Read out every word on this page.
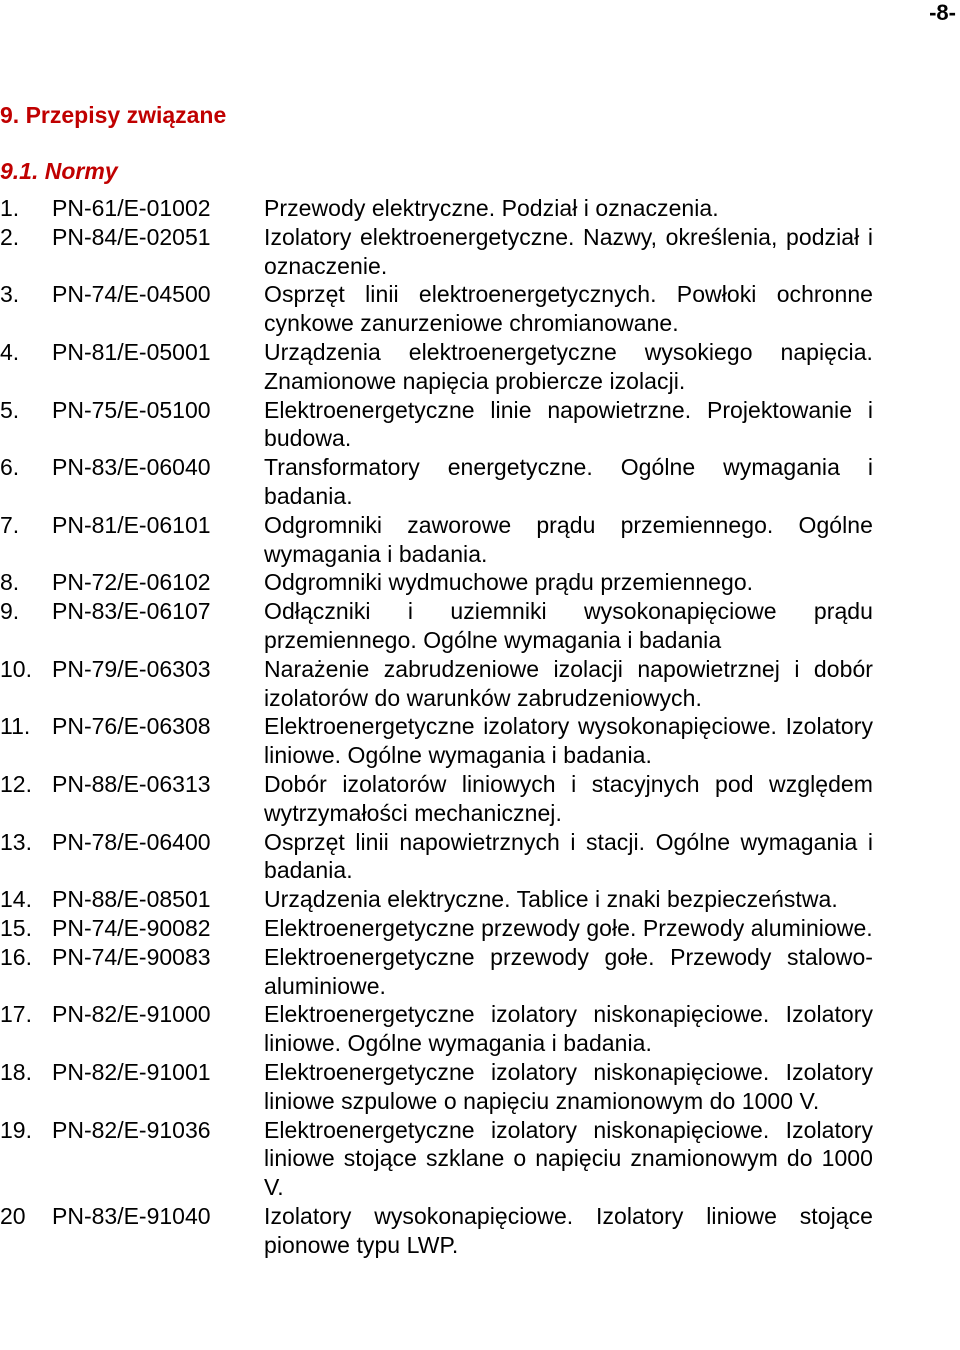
-8-
9. Przepisy związane
9.1. Normy
1.	PN-61/E-01002	Przewody elektryczne. Podział i oznaczenia.
2.	PN-84/E-02051	Izolatory elektroenergetyczne. Nazwy, określenia, podział i oznaczenie.
3.	PN-74/E-04500	Osprzęt linii elektroenergetycznych. Powłoki ochronne cynkowe zanurzeniowe chromianowane.
4.	PN-81/E-05001	Urządzenia elektroenergetyczne wysokiego napięcia. Znamionowe napięcia probiercze izolacji.
5.	PN-75/E-05100	Elektroenergetyczne linie napowietrzne. Projektowanie i budowa.
6.	PN-83/E-06040	Transformatory energetyczne. Ogólne wymagania i badania.
7.	PN-81/E-06101	Odgromniki zaworowe prądu przemiennego. Ogólne wymagania i badania.
8.	PN-72/E-06102	Odgromniki wydmuchowe prądu przemiennego.
9.	PN-83/E-06107	Odłączniki i uziemniki wysokonapięciowe prądu przemiennego. Ogólne wymagania i badania
10. PN-79/E-06303	Narażenie zabrudzeniowe izolacji napowietrznej i dobór izolatorów do warunków zabrudzeniowych.
11. PN-76/E-06308	Elektroenergetyczne izolatory wysokonapięciowe. Izolatory liniowe. Ogólne wymagania i badania.
12. PN-88/E-06313	Dobór izolatorów liniowych i stacyjnych pod względem wytrzymałości mechanicznej.
13. PN-78/E-06400	Osprzęt linii napowietrznych i stacji. Ogólne wymagania i badania.
14. PN-88/E-08501	Urządzenia elektryczne. Tablice i znaki bezpieczeństwa.
15. PN-74/E-90082	Elektroenergetyczne przewody gołe. Przewody aluminiowe.
16. PN-74/E-90083	Elektroenergetyczne przewody gołe. Przewody stalowo-aluminiowe.
17. PN-82/E-91000	Elektroenergetyczne izolatory niskonapięciowe. Izolatory liniowe. Ogólne wymagania i badania.
18. PN-82/E-91001	Elektroenergetyczne izolatory niskonapięciowe. Izolatory liniowe szpulowe o napięciu znamionowym do 1000 V.
19. PN-82/E-91036	Elektroenergetyczne izolatory niskonapięciowe. Izolatory liniowe stojące szklane o napięciu znamionowym do 1000 V.
20	PN-83/E-91040	Izolatory wysokonapięciowe. Izolatory liniowe stojące pionowe typu LWP.
